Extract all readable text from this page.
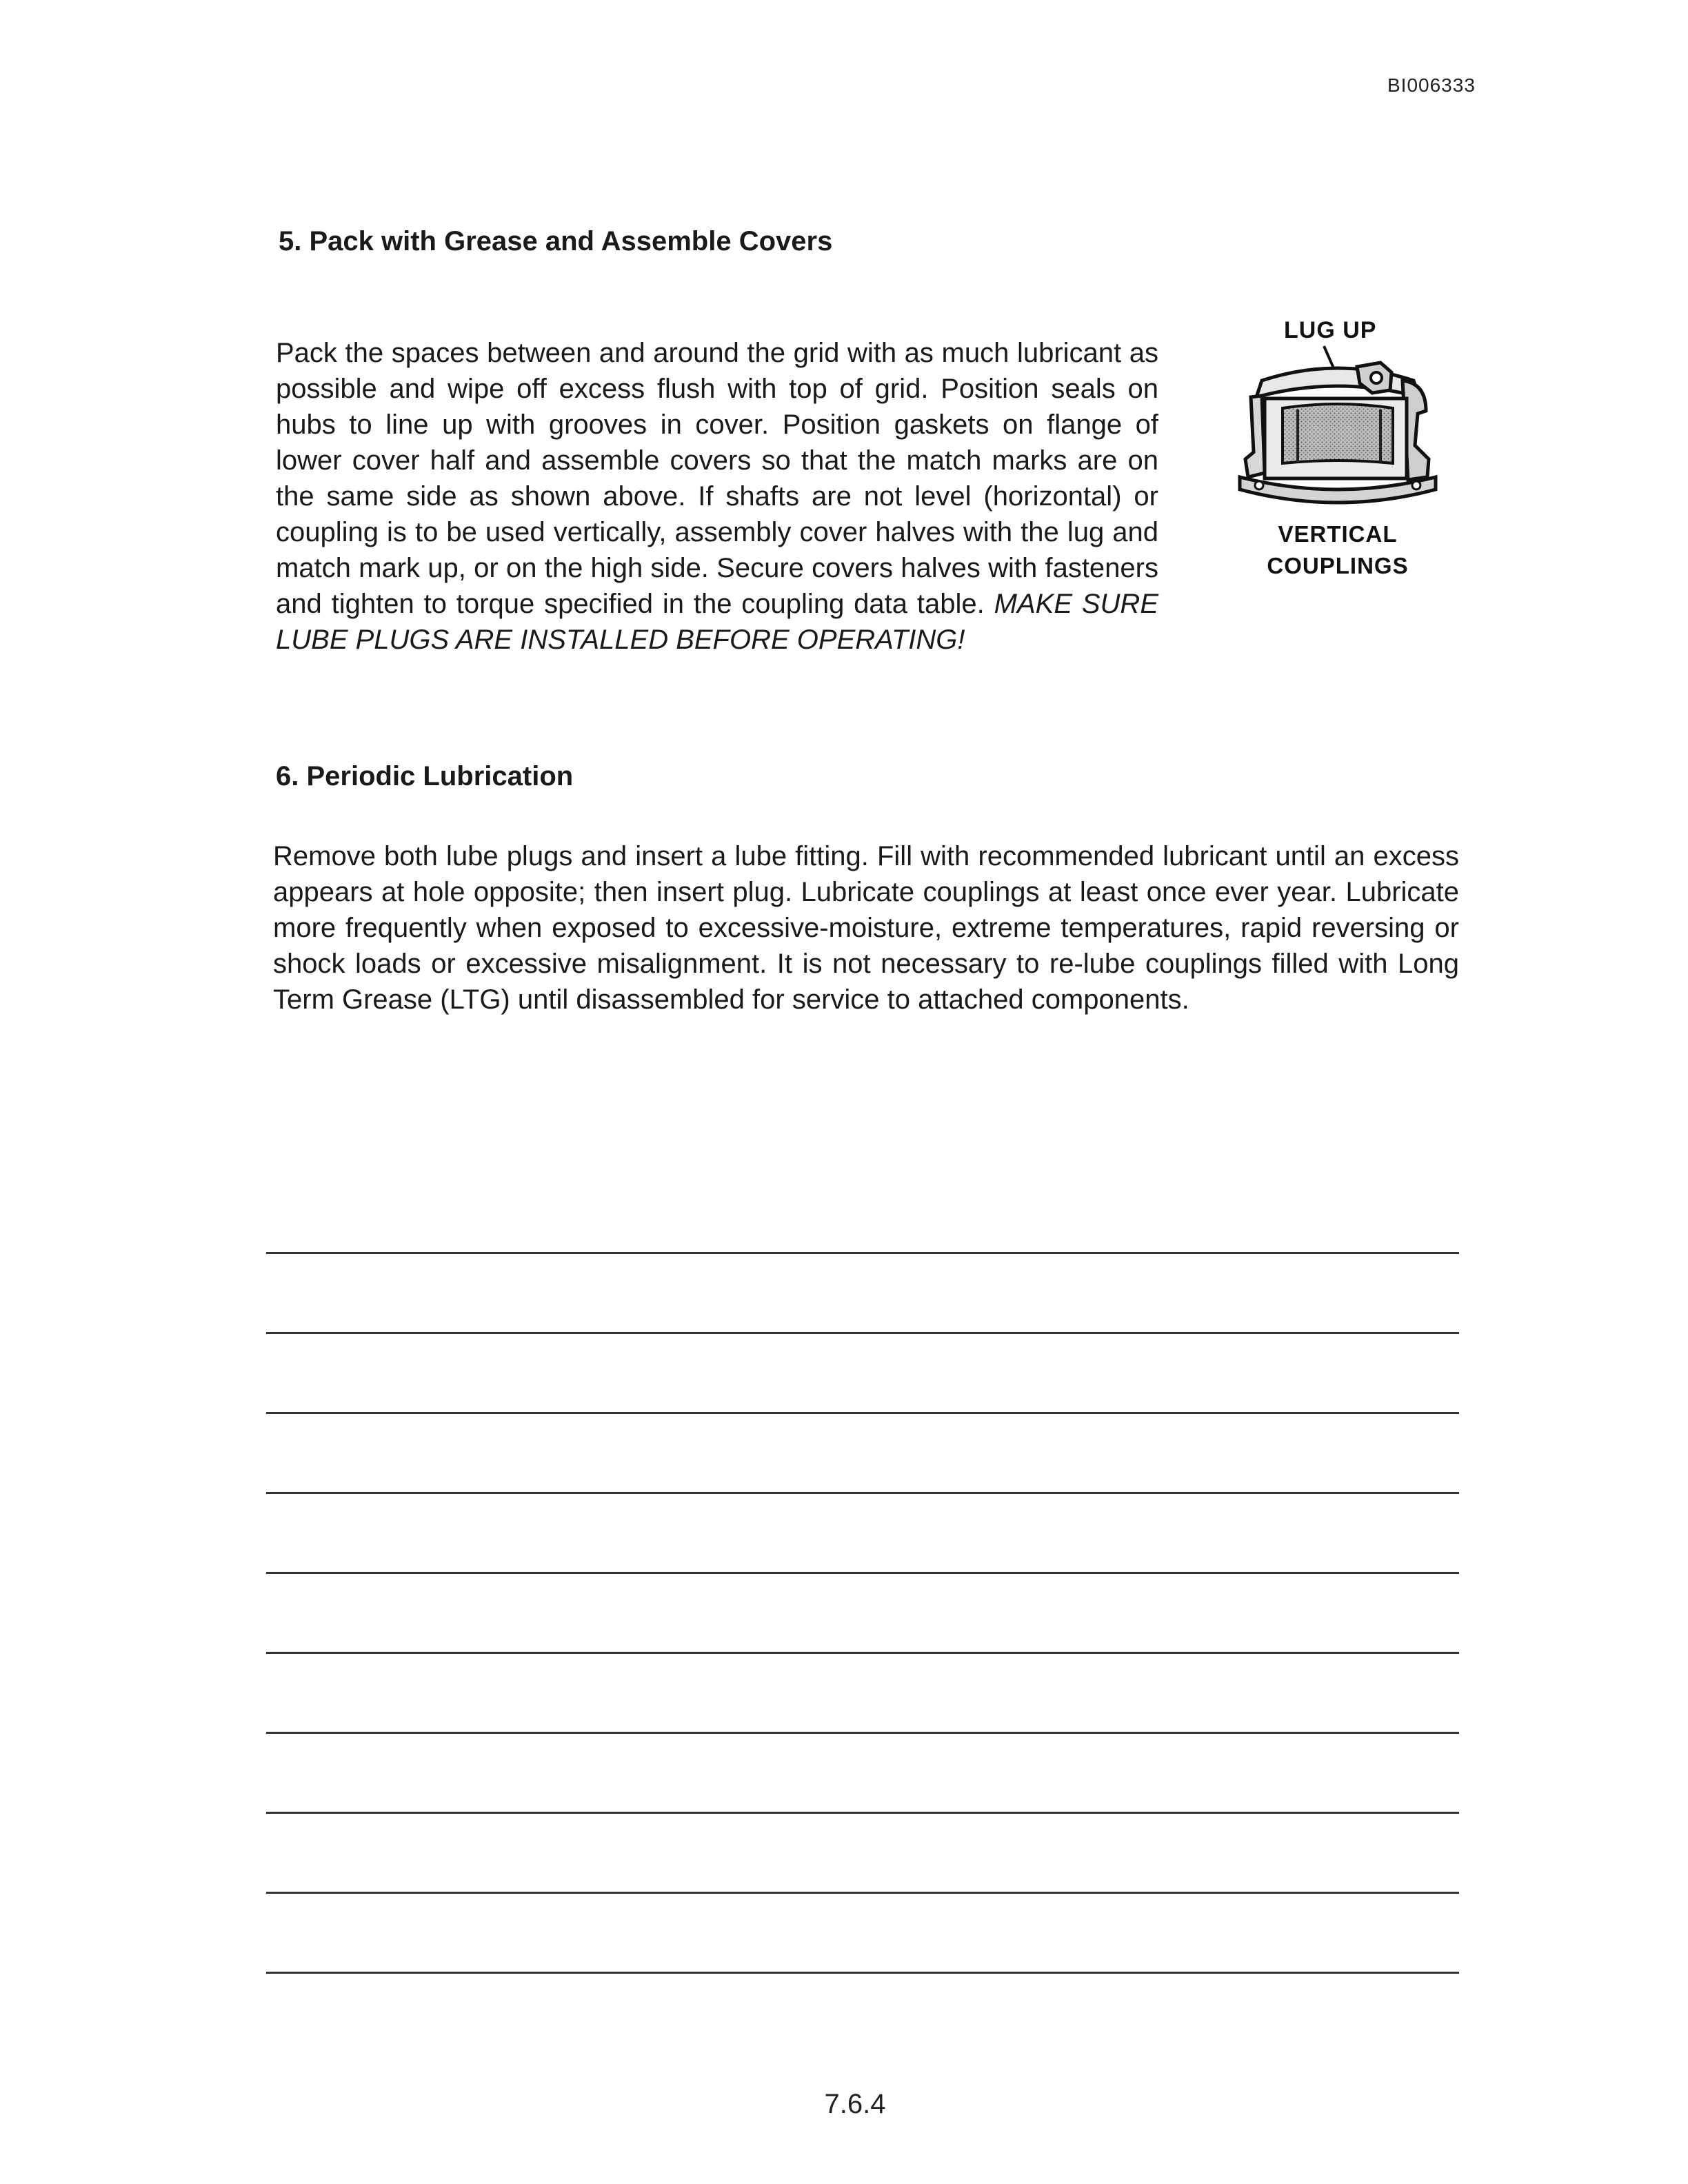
BI006333
5. Pack with Grease and Assemble Covers
Pack the spaces between and around the grid with as much lubricant as possible and wipe off excess flush with top of grid. Position seals on hubs to line up with grooves in cover. Position gaskets on flange of lower cover half and assemble covers so that the match marks are on the same side as shown above. If shafts are not level (horizontal) or coupling is to be used vertically, assembly cover halves with the lug and match mark up, or on the high side. Secure covers halves with fasteners and tighten to torque specified in the coupling data table. MAKE SURE LUBE PLUGS ARE INSTALLED BEFORE OPERATING!
LUG UP
VERTICAL
COUPLINGS
6. Periodic Lubrication
Remove both lube plugs and insert a lube fitting. Fill with recommended lubricant until an excess appears at hole opposite; then insert plug. Lubricate couplings at least once ever year. Lubricate more frequently when exposed to excessive-moisture, extreme temperatures, rapid reversing or shock loads or excessive misalignment. It is not necessary to re-lube couplings filled with Long Term Grease (LTG) until disassembled for service to attached components.
7.6.4
